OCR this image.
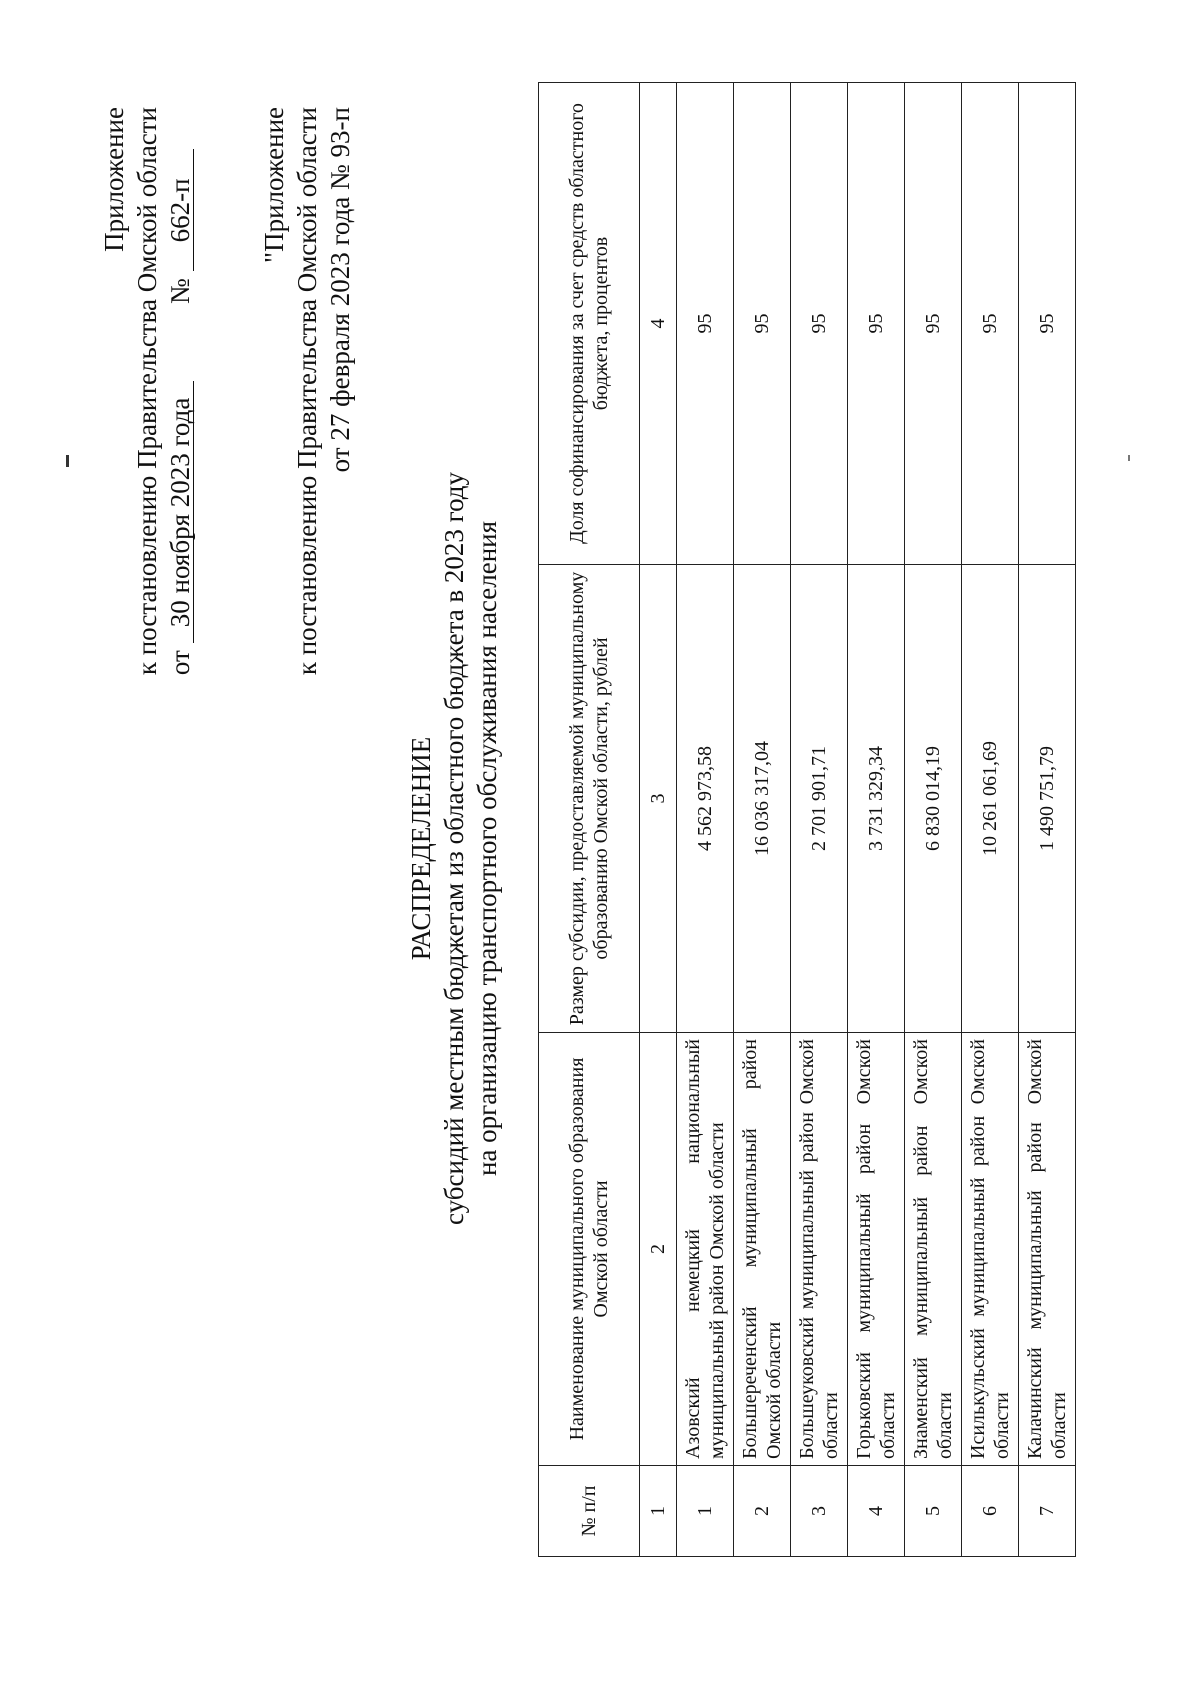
Приложение к постановлению Правительства Омской области от 30 ноября 2023 года  № 662-п "Приложение к постановлению Правительства Омской области от 27 февраля 2023 года № 93-п
РАСПРЕДЕЛЕНИЕ субсидий местным бюджетам из областного бюджета в 2023 году на организацию транспортного обслуживания населения
№ п/п	Наименование муниципального образования Омской области	Размер субсидии, предоставляемой муниципальному образованию Омской области, рублей	Доля софинансирования за счет средств областного бюджета, процентов
1	2	3	4
1	Азовский немецкий национальный муниципальный район Омской области	4 562 973,58	95
2	Большереченский муниципальный район Омской области	16 036 317,04	95
3	Большеуковский муниципальный район Омской области	2 701 901,71	95
4	Горьковский муниципальный район Омской области	3 731 329,34	95
5	Знаменский муниципальный район Омской области	6 830 014,19	95
6	Исилькульский муниципальный район Омской области	10 261 061,69	95
7	Калачинский муниципальный район Омской области	1 490 751,79	95
